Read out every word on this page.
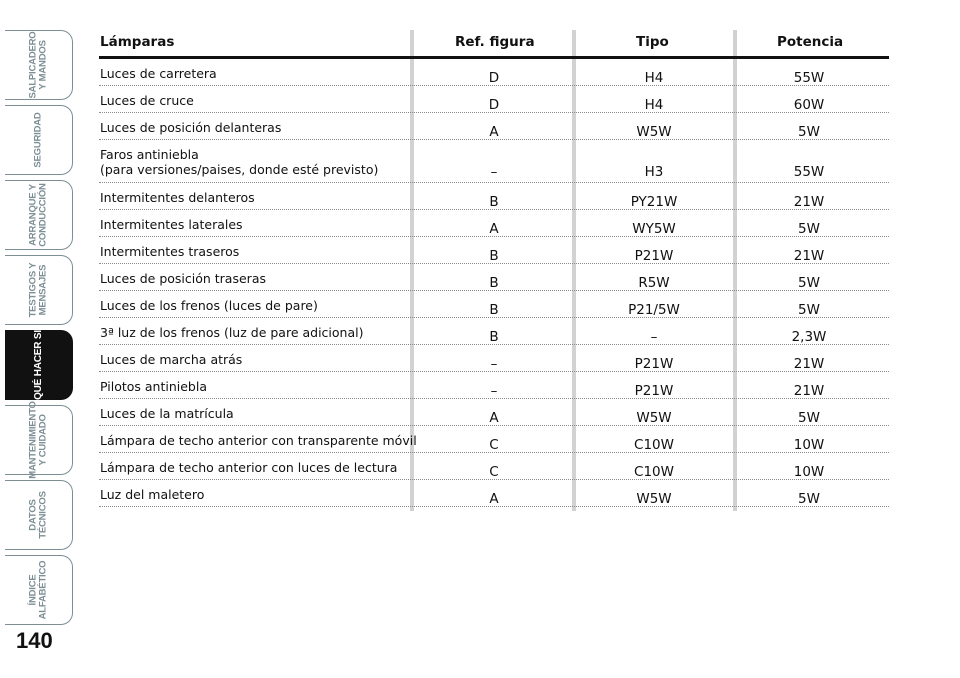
SALPICADERO
Y MANDOS
SEGURIDAD
ARRANQUE Y
CONDUCCIÓN
TESTIGOS Y
MENSAJES
QUÉ HACER SI
MANTENIMIENTO
Y CUIDADO
DATOS
TÉCNICOS
ÍNDICE
ALFABÉTICO
140
Lámparas	Ref. figura	Tipo	Potencia
Luces de carretera	D	H4	55W
Luces de cruce	D	H4	60W
Luces de posición delanteras	A	W5W	5W
Faros antiniebla
(para versiones/paises, donde esté previsto)	–	H3	55W
Intermitentes delanteros	B	PY21W	21W
Intermitentes laterales	A	WY5W	5W
Intermitentes traseros	B	P21W	21W
Luces de posición traseras	B	R5W	5W
Luces de los frenos (luces de pare)	B	P21/5W	5W
3ª luz de los frenos (luz de pare adicional)	B	–	2,3W
Luces de marcha atrás	–	P21W	21W
Pilotos antiniebla	–	P21W	21W
Luces de la matrícula	A	W5W	5W
Lámpara de techo anterior con transparente móvil	C	C10W	10W
Lámpara de techo anterior con luces de lectura	C	C10W	10W
Luz del maletero	A	W5W	5W
